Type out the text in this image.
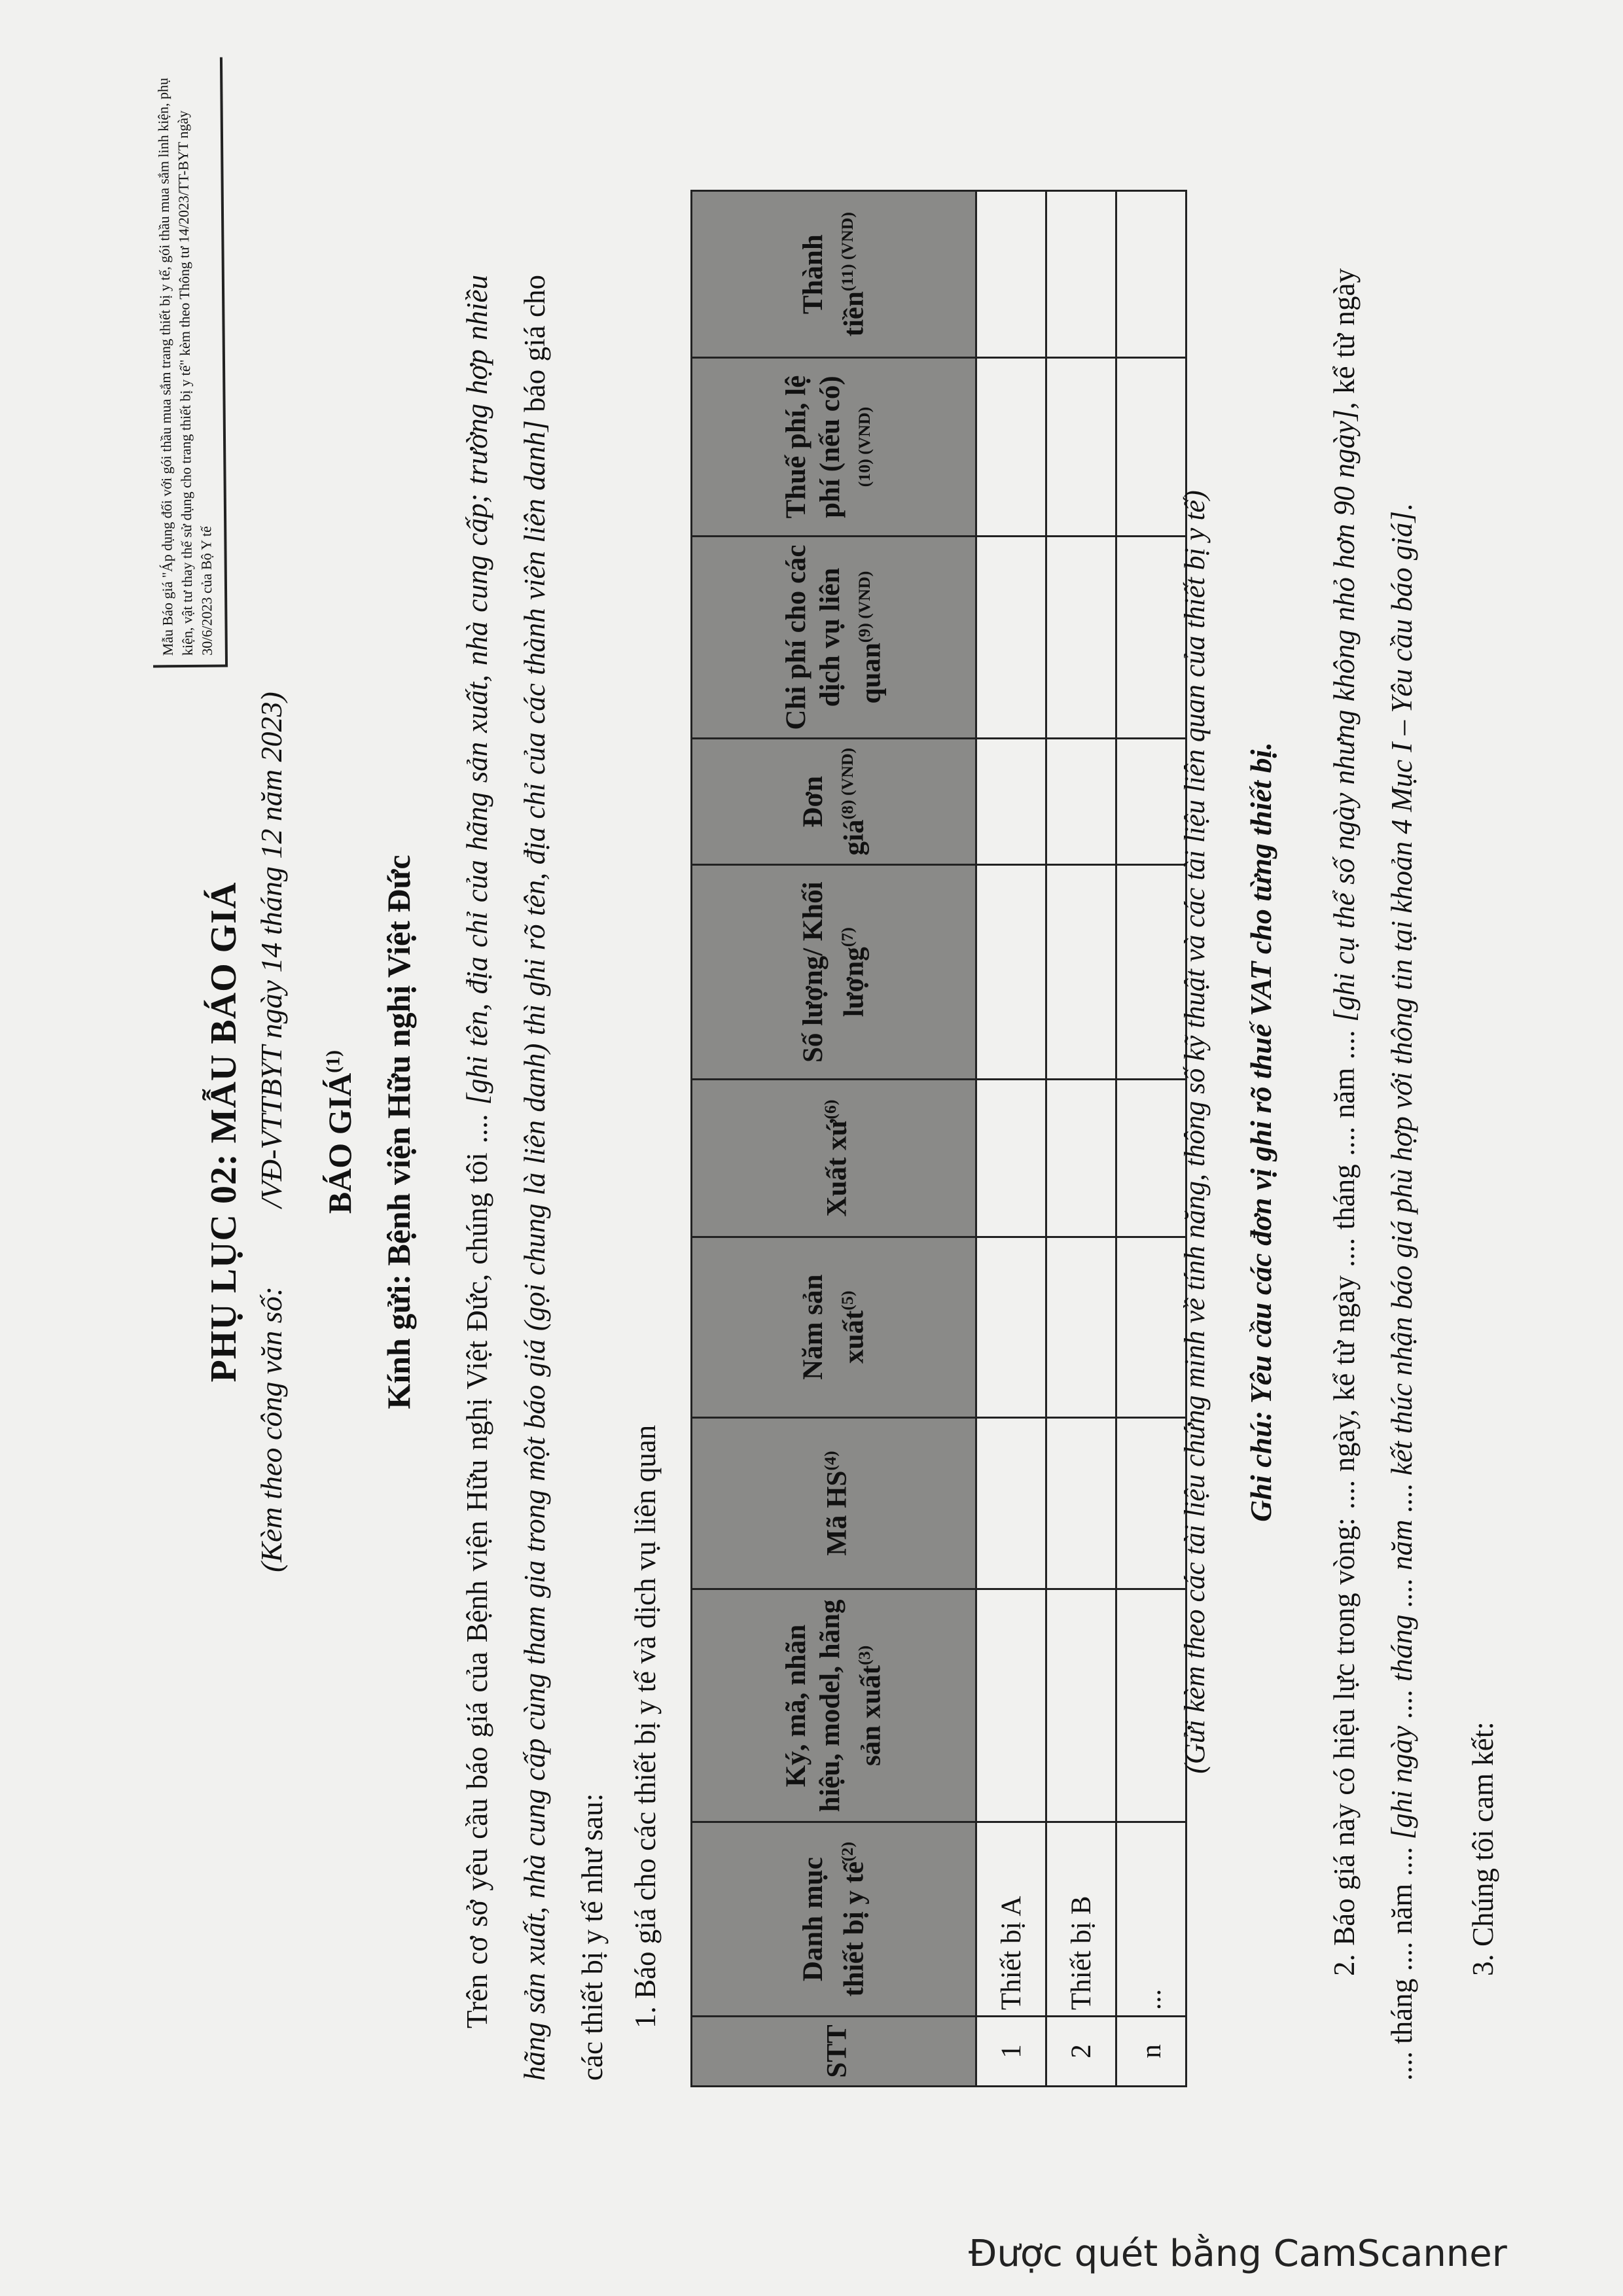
Mẫu Báo giá "Áp dụng đối với gói thầu mua sắm trang thiết bị y tế, gói thầu mua sắm linh kiện, phụ kiện, vật tư thay thế sử dụng cho trang thiết bị y tế" kèm theo Thông tư 14/2023/TT-BYT ngày 30/6/2023 của Bộ Y tế
PHỤ LỤC 02: MẪU BÁO GIÁ
(Kèm theo công văn số:/VĐ-VTTBYT ngày 14 tháng 12 năm 2023) BÁO GIÁ$^{(1)}$	Kính gửi: Bệnh viện Hữu nghị Việt Đức	Trên cơ sở yêu cầu báo giá của Bệnh viện Hữu nghị Việt Đức, chúng tôi .... [ghi tên, địa chỉ của hãng sản xuất, nhà cung cấp; trường hợp nhiều hãng sản xuất, nhà cung cấp cùng tham gia trong một báo giá (gọi chung là liên danh) thì ghi rõ tên, địa chỉ của các thành viên liên danh] báo giá cho các thiết bị y tế như sau: 1. Báo giá cho các thiết bị y tế và dịch vụ liên quan
STT	Danh mục thiết bị y tế$^{(2)}$	Ký, mã, nhãn hiệu, model, hãng sản xuất$^{(3)}$	Mã HS$^{(4)}$	Năm sản xuất$^{(5)}$	Xuất xứ$^{(6)}$	Số lượng/ Khối lượng$^{(7)}$	Đơn giá$^{(8) (VND)}$	Chi phí cho các dịch vụ liên quan$^{(9) (VND)}$	Thuế phí, lệ phí (nếu có) $^{(10) (VND)}$	Thành tiền$^{(11) (VND)}$
1	Thiết bị A									
2	Thiết bị B									
n	...									
(Gửi kèm theo các tài liệu chứng minh về tính năng, thông số kỹ thuật và các tài liệu liên quan của thiết bị y tế) Ghi chú: Yêu cầu các đơn vị ghi rõ thuế VAT cho từng thiết bị.	2. Báo giá này có hiệu lực trong vòng: .... ngày, kể từ ngày .... tháng .... năm .... [ghi cụ thể số ngày nhưng không nhỏ hơn 90 ngày], kể từ ngày .... tháng .... năm .... [ghi ngày .... tháng .... năm .... kết thúc nhận báo giá phù hợp với thông tin tại khoản 4 Mục I – Yêu cầu báo giá].
3. Chúng tôi cam kết:
Được quét bằng CamScanner
